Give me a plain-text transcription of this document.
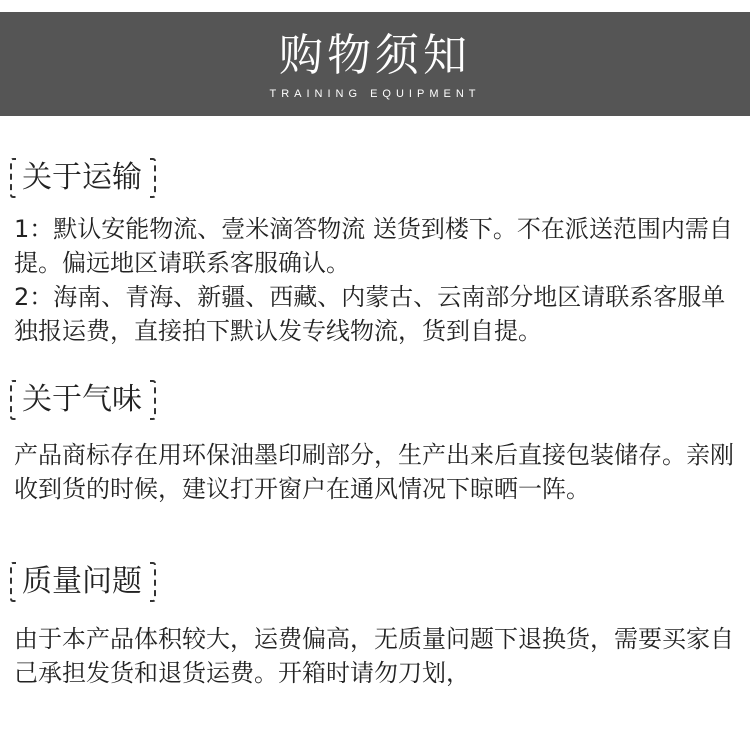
购物须知
TRAINING EQUIPMENT
关于运输

1：默认安能物流、壹米滴答物流 送货到楼下。不在派送范围内需自提。偏远地区请联系客服确认。

2：海南、青海、新疆、西藏、内蒙古、云南部分地区请联系客服单独报运费，直接拍下默认发专线物流，货到自提。

关于气味

产品商标存在用环保油墨印刷部分，生产出来后直接包装储存。亲刚收到货的时候，建议打开窗户在通风情况下晾晒一阵。

质量问题

由于本产品体积较大，运费偏高，无质量问题下退换货，需要买家自己承担发货和退货运费。开箱时请勿刀划，
